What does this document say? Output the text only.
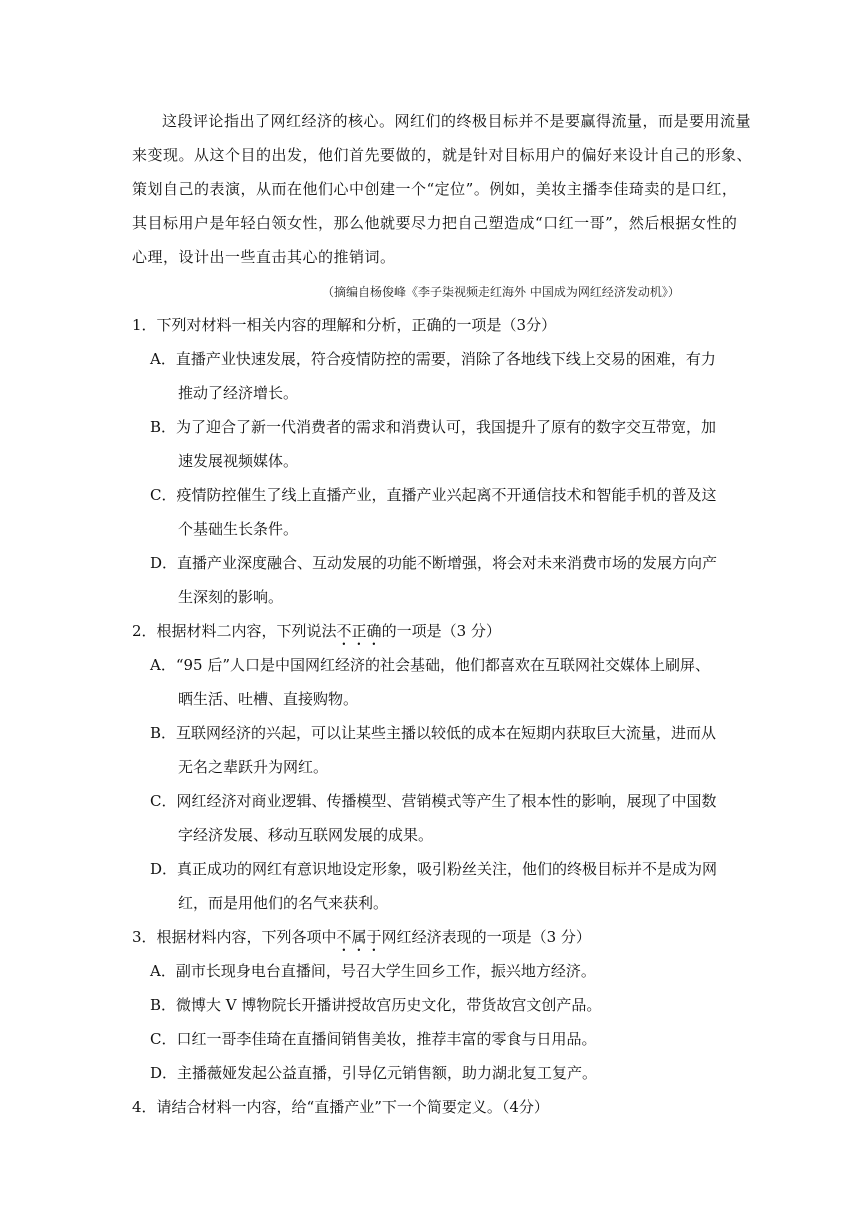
这段评论指出了网红经济的核心。网红们的终极目标并不是要赢得流量，而是要用流量
来变现。从这个目的出发，他们首先要做的，就是针对目标用户的偏好来设计自己的形象、
策划自己的表演，从而在他们心中创建一个“定位”。例如，美妆主播李佳琦卖的是口红，
其目标用户是年轻白领女性，那么他就要尽力把自己塑造成“口红一哥”，然后根据女性的
心理，设计出一些直击其心的推销词。
（摘编自杨俊峰《李子柒视频走红海外 中国成为网红经济发动机》）
1．下列对材料一相关内容的理解和分析，正确的一项是（3分）
A．直播产业快速发展，符合疫情防控的需要，消除了各地线下线上交易的困难，有力
推动了经济增长。
B．为了迎合了新一代消费者的需求和消费认可，我国提升了原有的数字交互带宽，加
速发展视频媒体。
C．疫情防控催生了线上直播产业，直播产业兴起离不开通信技术和智能手机的普及这
个基础生长条件。
D．直播产业深度融合、互动发展的功能不断增强，将会对未来消费市场的发展方向产
生深刻的影响。
2．根据材料二内容，下列说法不正确的一项是（3 分）
A．“95 后”人口是中国网红经济的社会基础，他们都喜欢在互联网社交媒体上刷屏、
晒生活、吐槽、直接购物。
B．互联网经济的兴起，可以让某些主播以较低的成本在短期内获取巨大流量，进而从
无名之辈跃升为网红。
C．网红经济对商业逻辑、传播模型、营销模式等产生了根本性的影响，展现了中国数
字经济发展、移动互联网发展的成果。
D．真正成功的网红有意识地设定形象，吸引粉丝关注，他们的终极目标并不是成为网
红，而是用他们的名气来获利。
3．根据材料内容，下列各项中不属于网红经济表现的一项是（3 分）
A．副市长现身电台直播间，号召大学生回乡工作，振兴地方经济。
B．微博大 V 博物院长开播讲授故宫历史文化，带货故宫文创产品。
C．口红一哥李佳琦在直播间销售美妆，推荐丰富的零食与日用品。
D．主播薇娅发起公益直播，引导亿元销售额，助力湖北复工复产。
4．请结合材料一内容，给“直播产业”下一个简要定义。（4分）
